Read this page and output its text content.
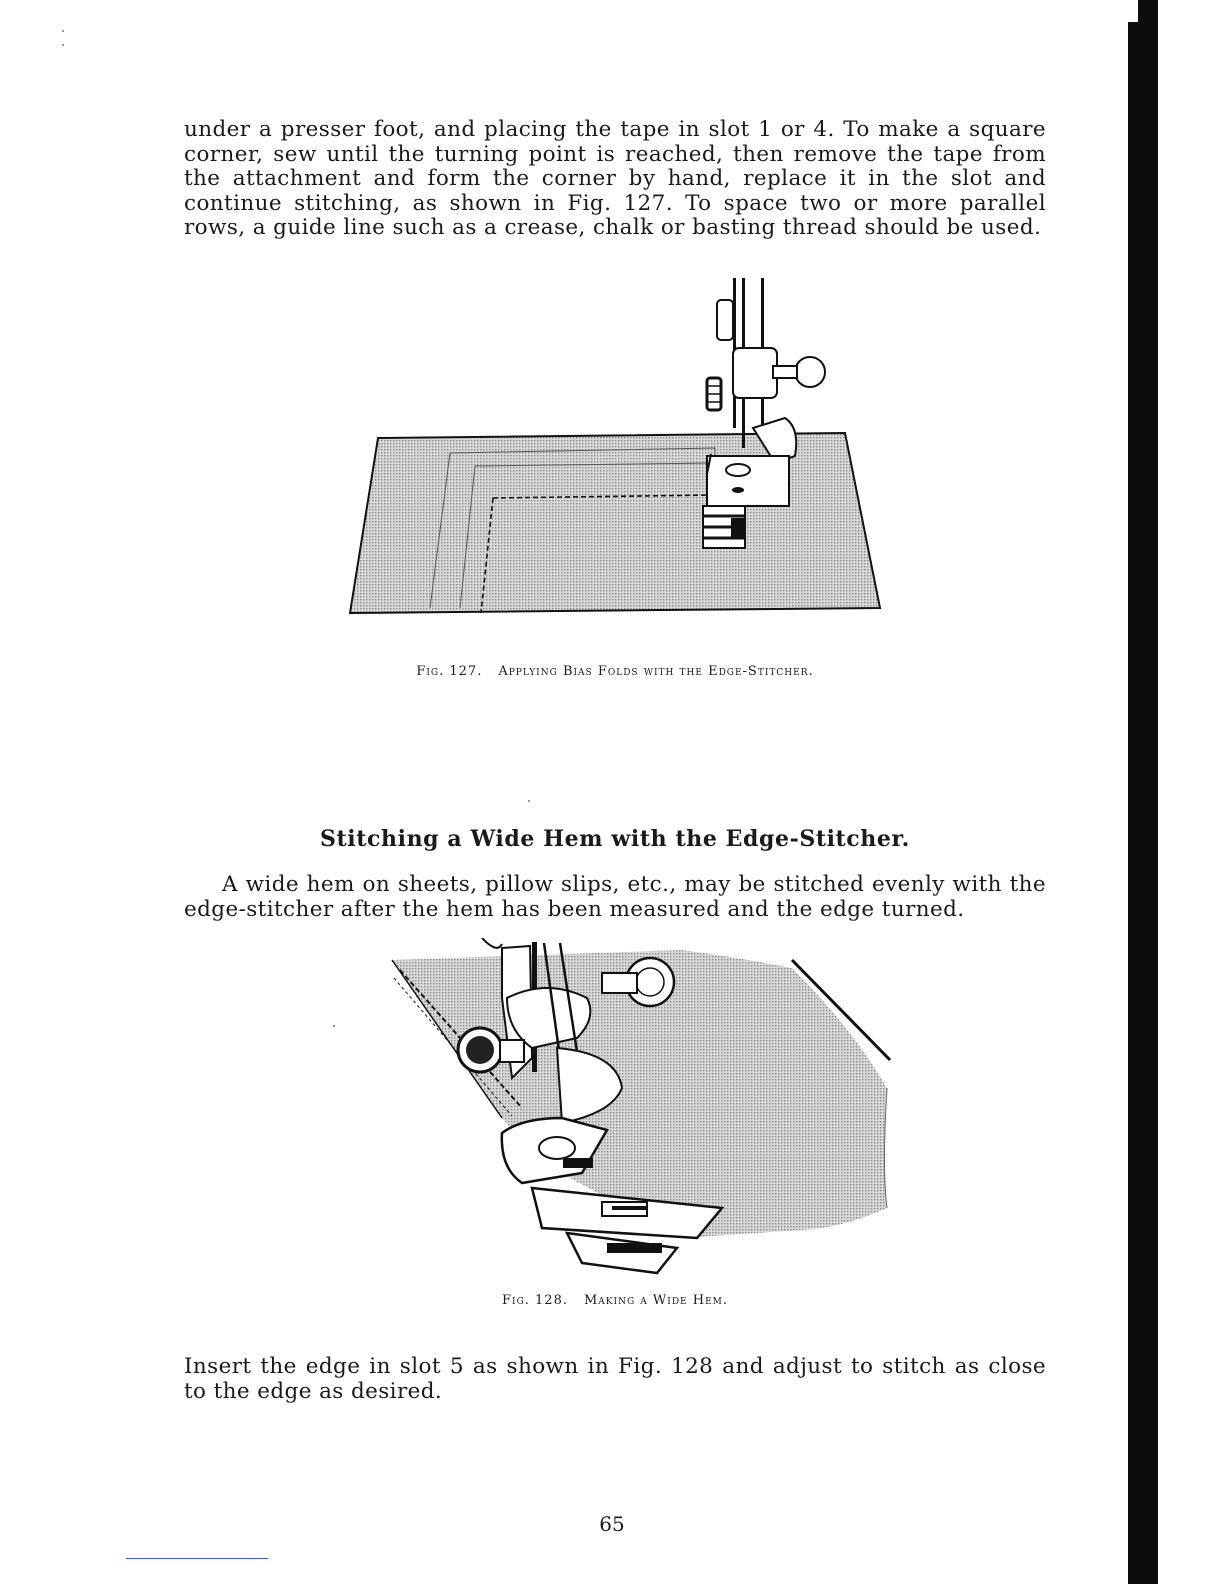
under a presser foot, and placing the tape in slot 1 or 4. To make a square corner, sew until the turning point is reached, then remove the tape from the attachment and form the corner by hand, replace it in the slot and continue stitching, as shown in Fig. 127. To space two or more parallel rows, a guide line such as a crease, chalk or basting thread should be used.

Fig. 127. Applying Bias Folds with the Edge-Stitcher.
Stitching a Wide Hem with the Edge-Stitcher.

A wide hem on sheets, pillow slips, etc., may be stitched evenly with the edge-stitcher after the hem has been measured and the edge turned.

Fig. 128. Making a Wide Hem.

Insert the edge in slot 5 as shown in Fig. 128 and adjust to stitch as close to the edge as desired.

65
